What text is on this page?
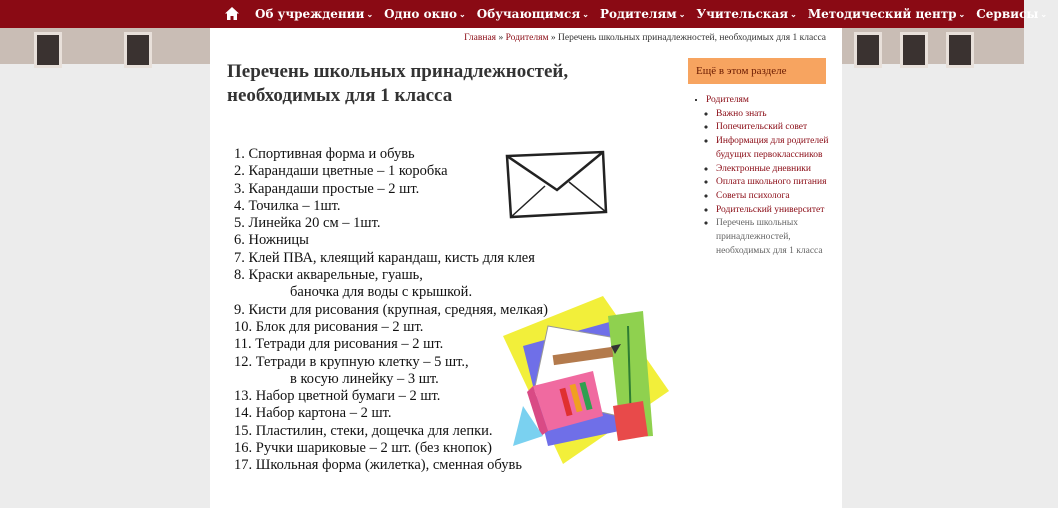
Об учреждении ⌄ Одно окно ⌄ Обучающимся ⌄ Родителям ⌄ Учительская ⌄ Методический центр ⌄ Сервисы ⌄
Главная » Родителям » Перечень школьных принадлежностей, необходимых для 1 класса
Перечень школьных принадлежностей, необходимых для 1 класса
1. Спортивная форма и обувь
2. Карандаши цветные – 1 коробка
3. Карандаши простые – 2 шт.
4. Точилка – 1шт.
5. Линейка 20 см – 1шт.
6. Ножницы
7. Клей ПВА, клеящий карандаш, кисть для клея
8. Краски акварельные, гуашь,
баночка для воды с крышкой.
9. Кисти для рисования (крупная, средняя, мелкая)
10. Блок для рисования – 2 шт.
11. Тетради для рисования – 2 шт.
12. Тетради в крупную клетку – 5 шт.,
в косую линейку – 3 шт.
13. Набор цветной бумаги – 2 шт.
14. Набор картона – 2 шт.
15. Пластилин, стеки, дощечка для лепки.
16. Ручки шариковые – 2 шт. (без кнопок)
17. Школьная форма (жилетка), сменная обувь
Ещё в этом разделе
• Родителям
◦ Важно знать
◦ Попечительский совет
◦ Информация для родителей будущих первоклассников
◦ Электронные дневники
◦ Оплата школьного питания
◦ Советы психолога
◦ Родительский университет
◦ Перечень школьных принадлежностей, необходимых для 1 класса
